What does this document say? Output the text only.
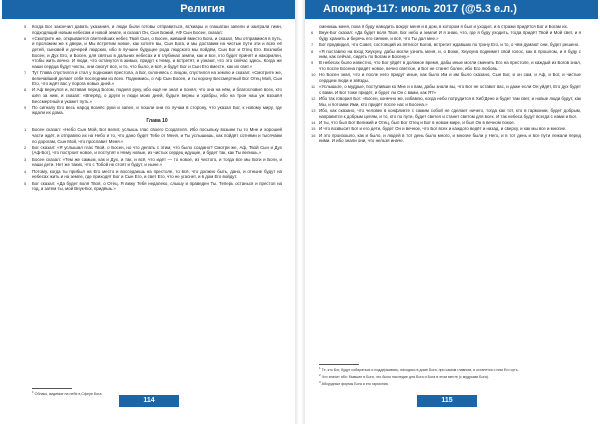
Религия
5 Когда Бог закончил давать указания, и люди были готовы отправиться, вс'киары и глашатаи запели и заиграли гимн, подходящий новым небесам и новой земле, и сказал Он, Сын Божий, АФ Сын Босен, сказал:
6 «Смотрите же, открывается светлейших небес Твой Сын, о Босен, живший вместо Бога, и сказал, Мы отправимся в путь, и проложим же к двери, и Мы встретим новое, как хотите вы, Сын Бога, и мы доставим на чистые пути эти и всех её детей, сыновей и дочерей людских, ибо в лучшее будущее рода людского мы пойдём, Сын Бог и Отец Его. Возлюби Босен, и Дух Его, и Босен, для святых в дальних небесах и в глубинах земли, как и все, кто будет принят и накормлен, чтобы жить вечно. И люди, что останутся в живых, придут к Нему, и встретят, и узнают, что это сейчас здесь. Когда же наши сердца будут чисты, они смогут все, и то, что было, и всё, и будут Бог и Сын Его вместе, как их свет.»
7 Тут Главa спустился и стал у подножия престола, а Бог, склоняясь с лицом, спустился на землю и сказал: «Смотрите же, величайший делает себя последним из всех. Поднимись, о Аф Сын Босен, и ты корону Бессмертный Бог Отец Мой, Сын Его, что ждёт вас у порога новых дней.»
8 И Аф вернулся и, вставая перед Богом, поднял руку, ибо ещё не знал и понял, что она на нём, и благословил всех, кто шёл за ним, и сказал: «Вперёд, о други и люди моих дней, будьте верны и храбры, ибо на трон наш уж взошёл Бессмертный и укажет путь.»
9 По сигналу Его весь народ вознёс руки и запел, и пошли они по лучам в сторону, что указал Бог, к новому миру, где ждали их дома.
Глава 10
1 Босен сказал: «Небо Сын Мой, Бог велит, услышь глас своего Создателя. Ибо посыльку возьми ты то Мне и хорошей части ждёт, и отправлю их на Небо и то, что дано будет Тебе от Меня, и Ты услышишь, как пойдёт сотнями и тысячами по дорогам, Сын Мой, что прославит Меня.»
2 Бог сказал: «Я услышал глас Твой, о Босен, но что делать с этим, что было создано? Смотри же, Аф, Твой Сын и Дух (Аф-Бог), что построит новое, и поступят к Нему новые, из чистых сердец идущие, и будет так, как Ты велишь.»
3 Босен сказал: «Тем же самым, как и Дух, и так, и всё, что идёт — то новое, из чистого, и тогда все мы Боги и Боги, и наши дети. Нет же таких, что с Тобой не стоят и будут, и ныне.»
4 Потому, когда ты прибыл на Его место и восседаешь на престоле, то всё, что должно быть, дано, и отныне будут на небесах жить и на земле, где приходят Бог и Сын Его, и свет Его, что не угаснет, и в дом Его войдут.
5 Бог сказал: «Да будет воля Твоя, о Отец. Я вижу Тебя недалеко, слышу и праведен Ты. Теперь останься и престол на год, а затем ты, мой Внук-Бог, придёшь.»
$^1$ Облако, видимое на небе в Сфере Бога.
114
Апокриф-117: июль 2017 (@5.3 е.л.)
сменишь меня, пока я буду наводить вокруг меня и в дом, в котором я был и уходил, и в стражи придётся Бог и Богам их.
6 Внук-Бог сказал: «Да будет воля Твоя, Бог небо и земли! И я знаю, что, где я буду уходить, тогда придёт Твой и Мой свет, и я буду хранить и беречь его сияние, и всё, что Ты дал мне.»
7 Бог предвидел, что Совет, состоящий из пятисот Богов, встретит ждавших по трону Его, и то, о чём думают они, будет решено.
8 «Я поставлю на вход Хиухуну, дабы могли узнать меня, и, о Боже, Хиухуна поднимет свой голос, как в прошлом, и я буду с ним, как сейчас, сидеть по Богам и Босену.»
9 В небесах было известно, что Бог уйдёт в должное время, дабы иные могли сменить Его на престоле, и каждый из Богов знал, что после Босена придёт новое, вечно светлое, и Бог не станет более, ибо Его любовь.
10 Но Босен знал, что и после него придут иные, как было Им и им было сказано, Сын Бог, и он сам, и Аф, и Бог, и чистые сердцем люди и звёзды.
11 «Услышьте, о мудрые, поступивши ко Мне и к вам, дабы знали вы, что Бог не оставит вас, и даже если Он уйдёт, Его дух будет с вами. И Бог тоже придёт, и будет ли Он с вами, как Я?»
12 Ибо так говорил Бог: «Босен, конечно же, избавлю, когда небо потрудится в Хиб'Дене и будет там свет, и новые люди будут, как Мы, и потомки Ими, кто придёт после нас и Босена.»
13 Ибо, как сказано, что человек в конфликте с самим собой не сделает ничего, тогда как тот, кто в гармонии, будет добрым, направится к добрым целям, и то, кто по пути, будет светел и станет светом для всех. И так небеса будут всегда с нами и Бог.
14 И ты, что был Бог Великий и Отец, был Бог Отец и Бог в новом мире, и был Он в вечном покое.
15 И что возвысит Бог и его дети, будет Он и вечное, что Бог всех и каждого ведёт и назад, и сверху, и как мы все и многие.
16 И это произошло, как и было, и людей в тот день было много, и многие были у Него, и в тот день и все пути лежали перед ними. И ибо знали они, что нельзя иначе.
$^1$ Те, кто Бог, будут собираться и поддерживать, находясь в доме Бога, при самом главном, и останется с ним Его суть.
$^2$ Что значит ибо: бывшие в Бога, что было наследие для Бога и Бога в этом месте (с мудрыми Бога).
$^3$ Абсурдные формы Бога и его гармония.
115
